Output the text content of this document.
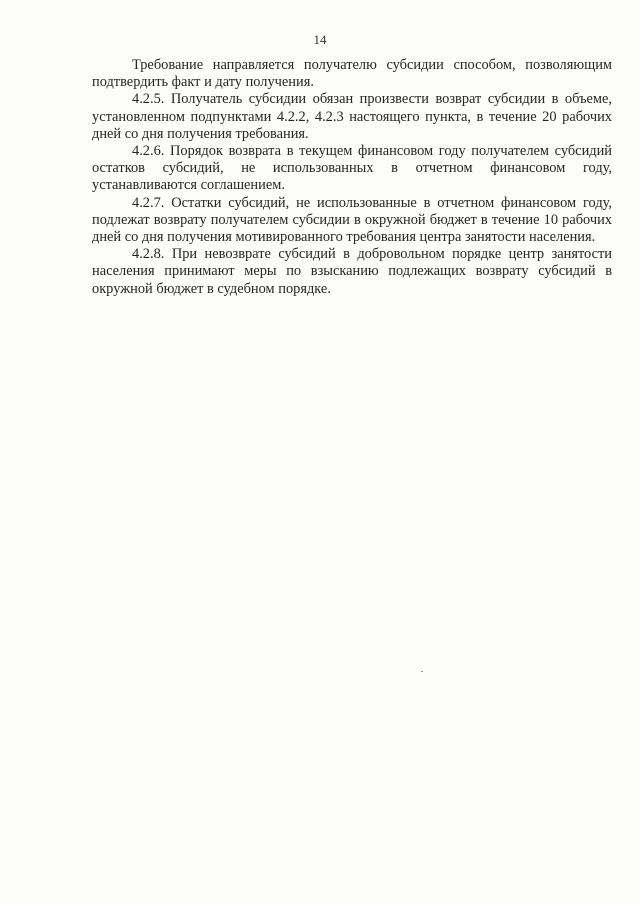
14

Требование направляется получателю субсидии способом, позволяющим подтвердить факт и дату получения.

4.2.5. Получатель субсидии обязан произвести возврат субсидии в объеме, установленном подпунктами 4.2.2, 4.2.3 настоящего пункта, в течение 20 рабочих дней со дня получения требования.

4.2.6. Порядок возврата в текущем финансовом году получателем субсидий остатков субсидий, не использованных в отчетном финансовом году, устанавливаются соглашением.

4.2.7. Остатки субсидий, не использованные в отчетном финансовом году, подлежат возврату получателем субсидии в окружной бюджет в течение 10 рабочих дней со дня получения мотивированного требования центра занятости населения.

4.2.8. При невозврате субсидий в добровольном порядке центр занятости населения принимают меры по взысканию подлежащих возврату субсидий в окружной бюджет в судебном порядке.
